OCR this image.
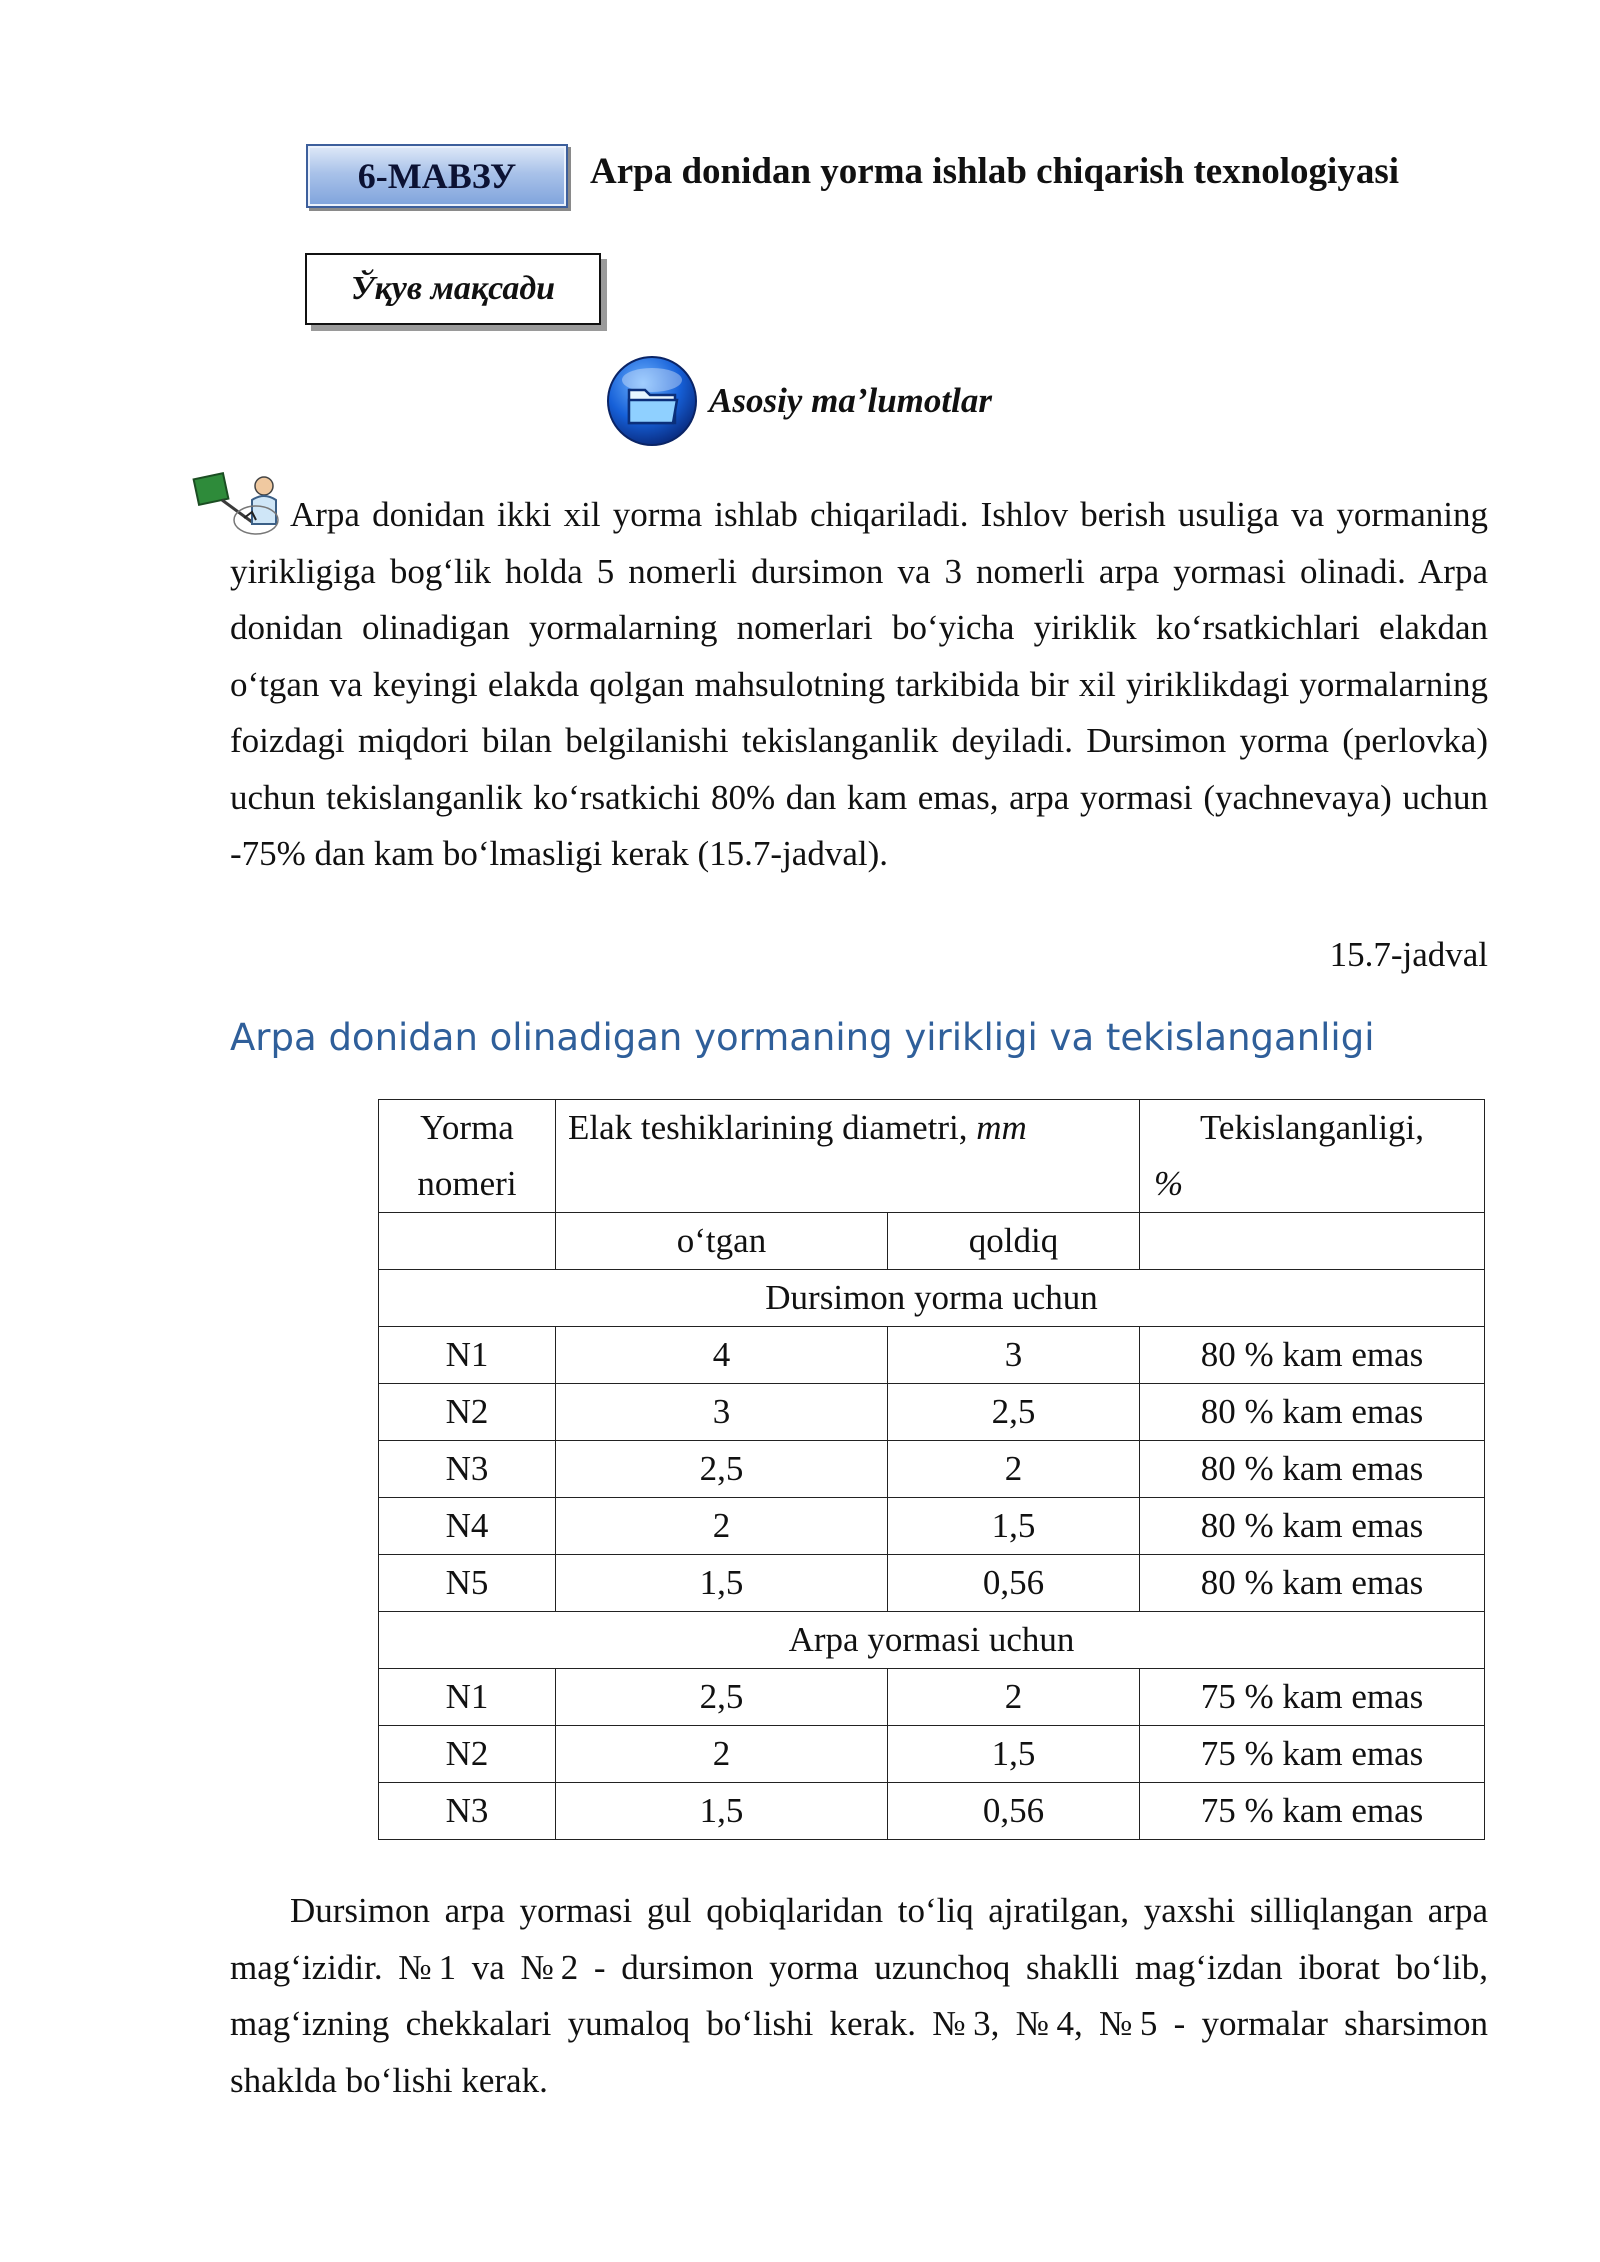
6-МАВЗУ	Arpa donidan yorma ishlab chiqarish texnologiyasi
Ўқув мақсади
Asosiy ma’lumotlar

Arpa donidan ikki xil yorma ishlab chiqariladi. Ishlov berish usuliga va yormaning yirikligiga bog‘lik holda 5 nomerli dursimon va 3 nomerli arpa yormasi olinadi. Arpa donidan olinadigan yormalarning nomerlari bo‘yicha yiriklik ko‘rsatkichlari elakdan o‘tgan va keyingi elakda qolgan mahsulotning tarkibida bir xil yiriklikdagi yormalarning foizdagi miqdori bilan belgilanishi tekislanganlik deyiladi. Dursimon yorma (perlovka) uchun tekislanganlik ko‘rsatkichi 80% dan kam emas, arpa yormasi (yachnevaya) uchun -75% dan kam bo‘lmasligi kerak (15.7-jadval).

15.7-jadval
Arpa donidan olinadigan yormaning yirikligi va tekislanganligi
Yorma nomeri	Elak teshiklarining diametri, mm		Tekislanganligi,
%

	o‘tgan	qoldiq	
Dursimon yorma uchun			
N1	4	3	80 % kam emas
N2	3	2,5	80 % kam emas
N3	2,5	2	80 % kam emas
N4	2	1,5	80 % kam emas
N5	1,5	0,56	80 % kam emas
Arpa yormasi uchun			
N1	2,5	2	75 % kam emas
N2	2	1,5	75 % kam emas
N3	1,5	0,56	75 % kam emas

Dursimon arpa yormasi gul qobiqlaridan to‘liq ajratilgan, yaxshi silliqlangan arpa mag‘izidir. №1 va №2 - dursimon yorma uzunchoq shaklli mag‘izdan iborat bo‘lib, mag‘izning chekkalari yumaloq bo‘lishi kerak. №3, №4, №5 - yormalar sharsimon shaklda bo‘lishi kerak.
